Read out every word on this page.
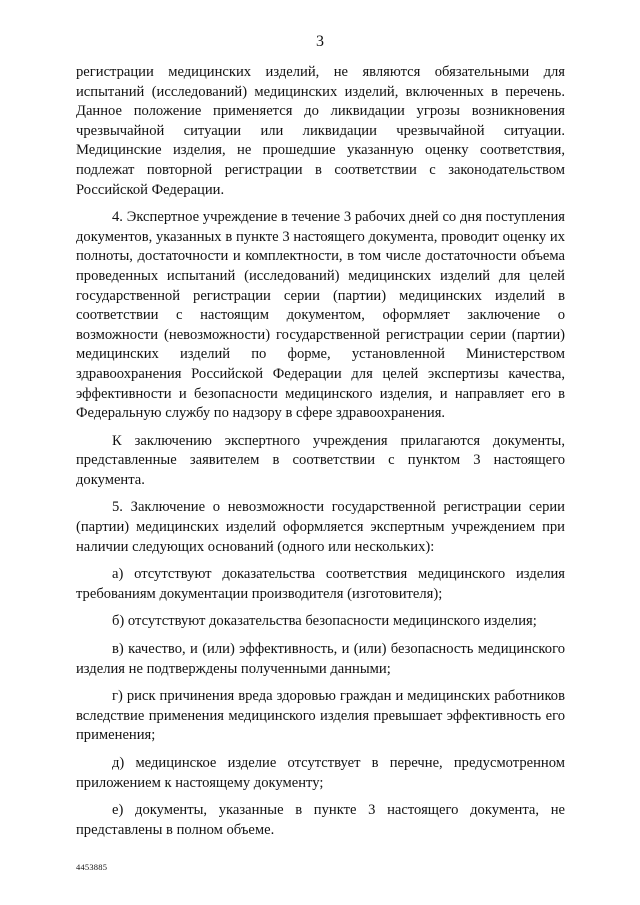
3

регистрации медицинских изделий, не являются обязательными для испытаний (исследований) медицинских изделий, включенных в перечень. Данное положение применяется до ликвидации угрозы возникновения чрезвычайной ситуации или ликвидации чрезвычайной ситуации. Медицинские изделия, не прошедшие указанную оценку соответствия, подлежат повторной регистрации в соответствии с законодательством Российской Федерации.

4. Экспертное учреждение в течение 3 рабочих дней со дня поступления документов, указанных в пункте 3 настоящего документа, проводит оценку их полноты, достаточности и комплектности, в том числе достаточности объема проведенных испытаний (исследований) медицинских изделий для целей государственной регистрации серии (партии) медицинских изделий в соответствии с настоящим документом, оформляет заключение о возможности (невозможности) государственной регистрации серии (партии) медицинских изделий по форме, установленной Министерством здравоохранения Российской Федерации для целей экспертизы качества, эффективности и безопасности медицинского изделия, и направляет его в Федеральную службу по надзору в сфере здравоохранения.

К заключению экспертного учреждения прилагаются документы, представленные заявителем в соответствии с пунктом 3 настоящего документа.

5. Заключение о невозможности государственной регистрации серии (партии) медицинских изделий оформляется экспертным учреждением при наличии следующих оснований (одного или нескольких):

а) отсутствуют доказательства соответствия медицинского изделия требованиям документации производителя (изготовителя);

б) отсутствуют доказательства безопасности медицинского изделия;

в) качество, и (или) эффективность, и (или) безопасность медицинского изделия не подтверждены полученными данными;

г) риск причинения вреда здоровью граждан и медицинских работников вследствие применения медицинского изделия превышает эффективность его применения;

д) медицинское изделие отсутствует в перечне, предусмотренном приложением к настоящему документу;

е) документы, указанные в пункте 3 настоящего документа, не представлены в полном объеме.

4453885
